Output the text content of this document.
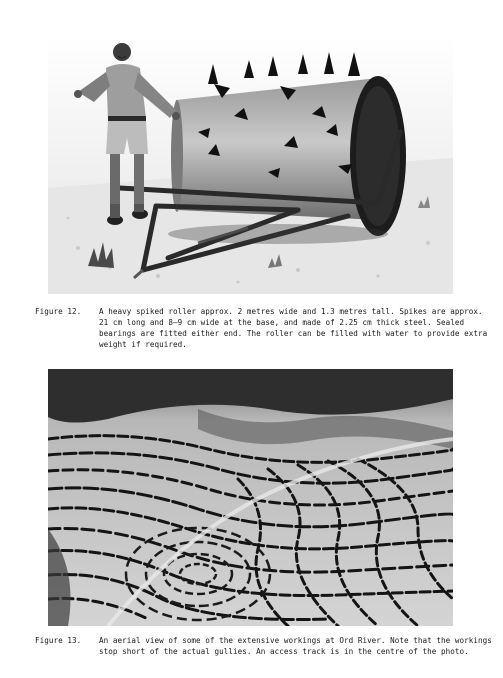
Figure 12. A heavy spiked roller approx. 2 metres wide and 1.3 metres tall. Spikes are approx. 21 cm long and 8–9 cm wide at the base, and made of 2.25 cm thick steel. Sealed bearings are fitted either end. The roller can be filled with water to provide extra weight if required.
Figure 13. An aerial view of some of the extensive workings at Ord River. Note that the workings stop short of the actual gullies. An access track is in the centre of the photo.
